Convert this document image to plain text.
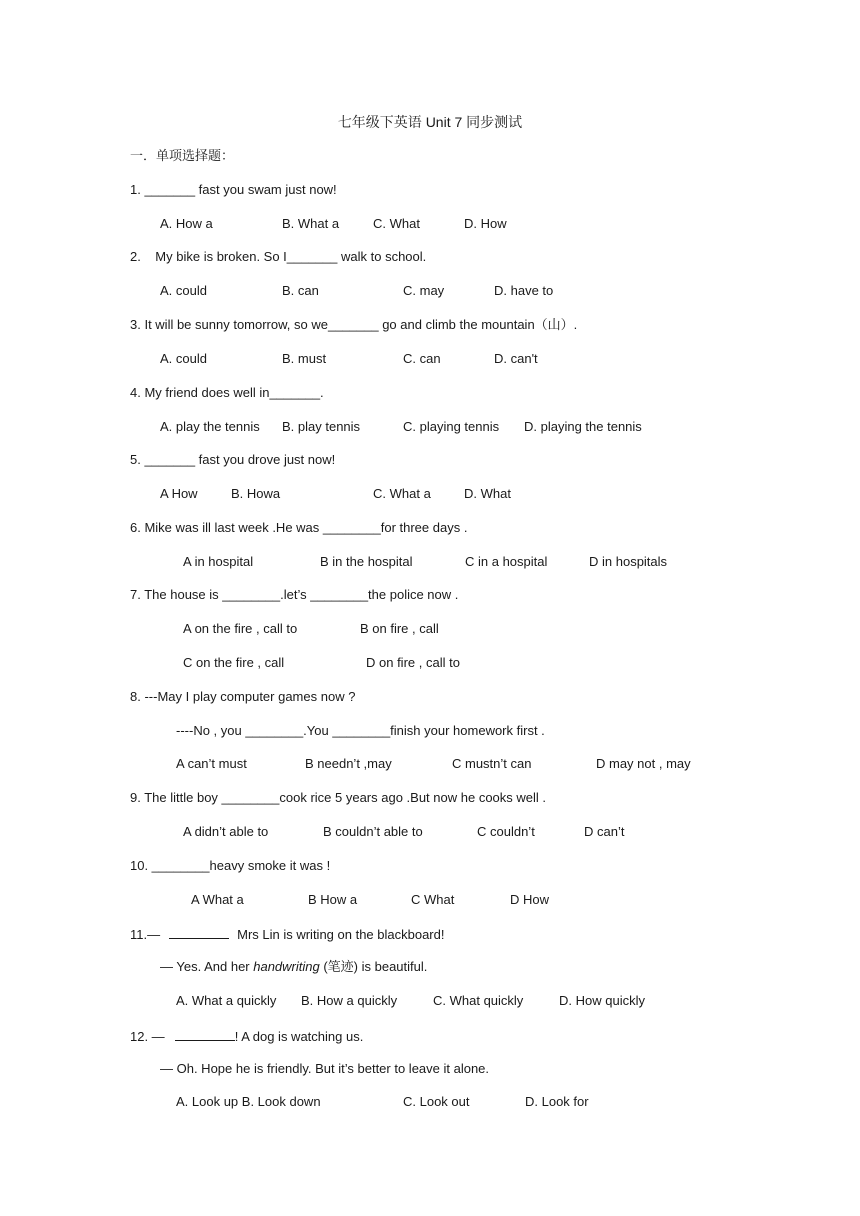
七年级下英语 Unit 7 同步测试
一．单项选择题：
1. _______ fast you swam just now!
A. How a	B. What a	C. What	D. How
2.    My bike is broken. So I_______ walk to school.
A. could	B. can	C. may	D. have to
3. It will be sunny tomorrow, so we_______ go and climb the mountain（山）.
A. could	B. must	C. can	D. can't
4. My friend does well in_______.
A. play the tennis B. play tennis	C. playing tennis D. playing the tennis
5. _______ fast you drove just now!
A How	B. Howa	C. What a	D. What
6. Mike was ill last week .He was ________for three days .
A in hospital	B in the hospital	C in a hospital	D in hospitals
7. The house is ________.let’s ________the police now .
A on the fire , call to	B on fire , call
C on the fire , call	D on fire , call to
8. ---May I play computer games now ?
----No , you ________.You ________finish your homework first .
A can’t must	B needn’t ,may	C mustn’t can	D may not , may
9. The little boy ________cook rice 5 years ago .But now he cooks well .
A didn’t able to	B couldn’t able to	C couldn’t	D can’t
10. ________heavy smoke it was !
A What a	B How a	C What	D How
11.—	Mrs Lin is writing on the blackboard!
— Yes. And her handwriting (笔迹) is beautiful.
A. What a quickly B. How a quickly	C. What quickly	D. How quickly
12. —	! A dog is watching us.
— Oh. Hope he is friendly. But it’s better to leave it alone.
A. Look up B. Look down	C. Look out	D. Look for
